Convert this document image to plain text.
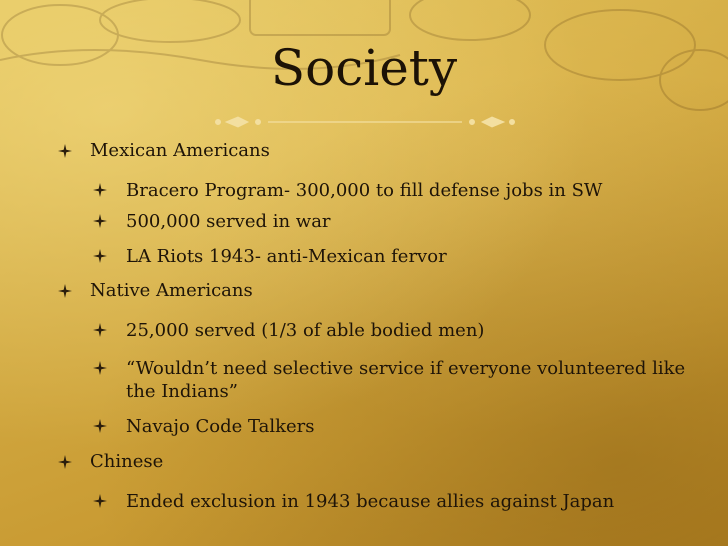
Society
Mexican Americans
Bracero Program- 300,000 to fill defense jobs in SW
500,000 served in war
LA Riots 1943- anti-Mexican fervor
Native Americans
25,000 served (1/3 of able bodied men)
“Wouldn’t need selective service if everyone volunteered like
the Indians”
Navajo Code Talkers
Chinese
Ended exclusion in 1943 because allies against Japan
